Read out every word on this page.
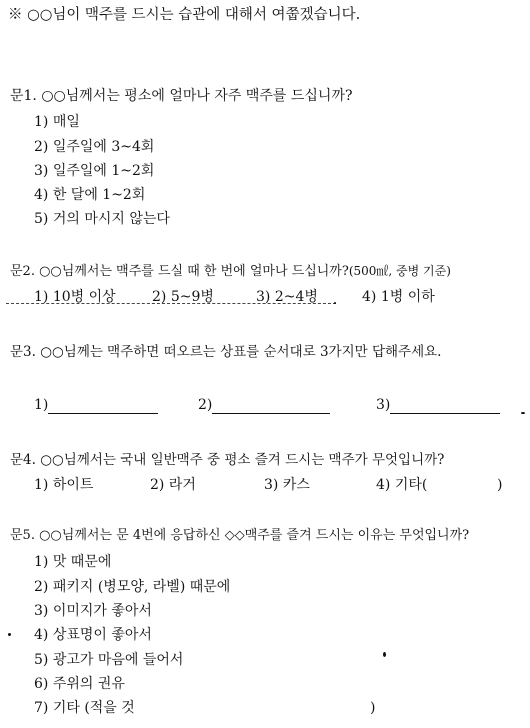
※ ○○님이 맥주를 드시는 습관에 대해서 여쭙겠습니다.
문1. ○○님께서는 평소에 얼마나 자주 맥주를 드십니까?
1) 매일
2) 일주일에 3~4회
3) 일주일에 1~2회
4) 한 달에 1~2회
5) 거의 마시지 않는다
문2. ○○님께서는 맥주를 드실 때 한 번에 얼마나 드십니까?(500㎖, 중병 기준)
1) 10병 이상	2) 5~9병	3) 2~4병	4) 1병 이하
문3. ○○님께는 맥주하면 떠오르는 상표를 순서대로 3가지만 답해주세요.
1)	2)	3)
문4. ○○님께서는 국내 일반맥주 중 평소 즐겨 드시는 맥주가 무엇입니까?
1) 하이트	2) 라거	3) 카스	4) 기타(	)
문5. ○○님께서는 문 4번에 응답하신 ◇◇맥주를 즐겨 드시는 이유는 무엇입니까?
1) 맛 때문에
2) 패키지 (병모양, 라벨) 때문에
3) 이미지가 좋아서
4) 상표명이 좋아서
5) 광고가 마음에 들어서
6) 주위의 권유
7) 기타 (적을 것	)
